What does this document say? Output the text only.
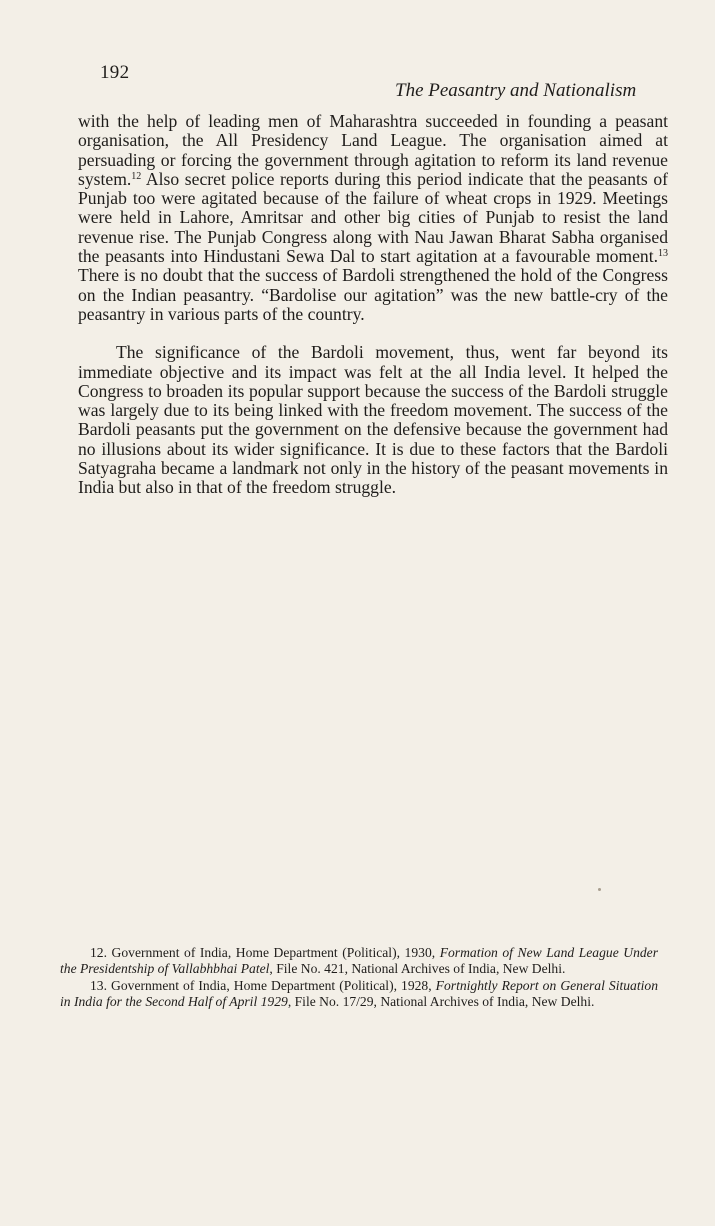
192
The Peasantry and Nationalism

with the help of leading men of Maharashtra succeeded in founding a peasant organisation, the All Presidency Land League. The organisation aimed at persuading or forcing the government through agitation to reform its land revenue system.$^{12}$ Also secret police reports during this period indicate that the peasants of Punjab too were agitated because of the failure of wheat crops in 1929. Meetings were held in Lahore, Amritsar and other big cities of Punjab to resist the land revenue rise. The Punjab Congress along with Nau Jawan Bharat Sabha organised the peasants into Hindustani Sewa Dal to start agitation at a favourable moment.$^{13}$ There is no doubt that the success of Bardoli strengthened the hold of the Congress on the Indian peasantry. “Bardolise our agitation” was the new battle-cry of the peasantry in various parts of the country.

The significance of the Bardoli movement, thus, went far beyond its immediate objective and its impact was felt at the all India level. It helped the Congress to broaden its popular support because the success of the Bardoli struggle was largely due to its being linked with the freedom movement. The success of the Bardoli peasants put the government on the defensive because the government had no illusions about its wider significance. It is due to these factors that the Bardoli Satyagraha became a landmark not only in the history of the peasant movements in India but also in that of the freedom struggle.

12. Government of India, Home Department (Political), 1930, Formation of New Land League Under the Presidentship of Vallabhbhai Patel, File No. 421, National Archives of India, New Delhi.

13. Government of India, Home Department (Political), 1928, Fortnightly Report on General Situation in India for the Second Half of April 1929, File No. 17/29, National Archives of India, New Delhi.
